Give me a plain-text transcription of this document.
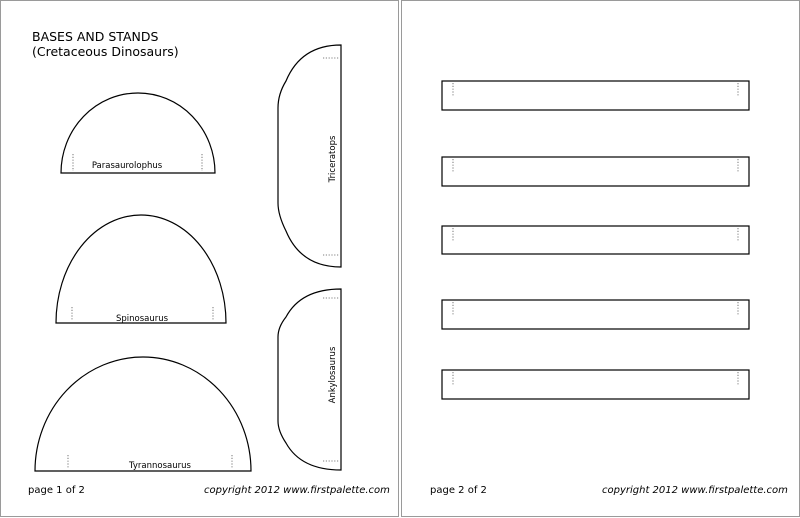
BASES AND STANDS
(Cretaceous Dinosaurs)
Parasaurolophus
Spinosaurus
Tyrannosaurus
Triceratops
Ankylosaurus
page 1 of 2	copyright 2012 www.firstpalette.com	page 2 of 2	copyright 2012 www.firstpalette.com
